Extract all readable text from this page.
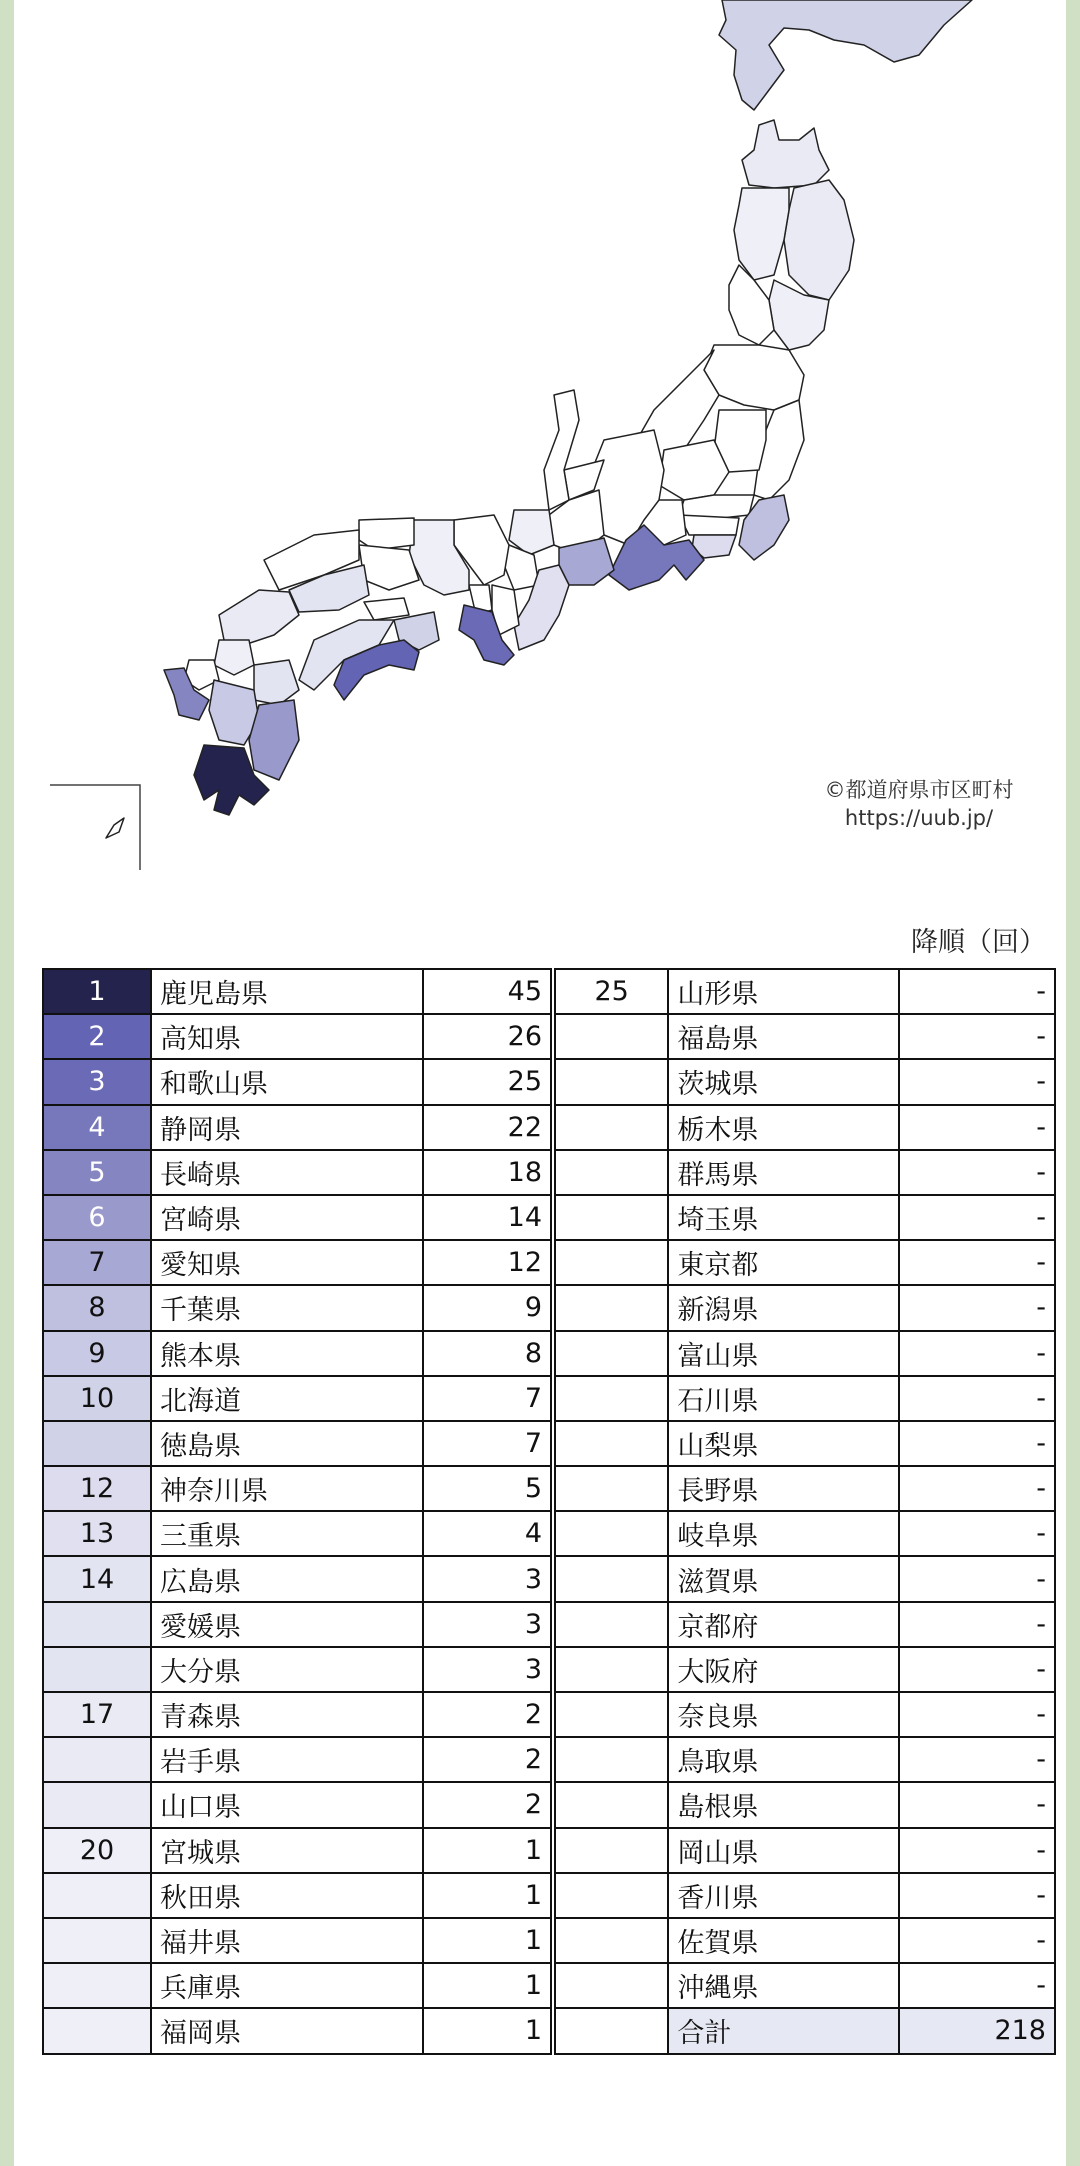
©都道府県市区町村
https://uub.jp/
降順（回）
1	鹿児島県	45
2	高知県	26
3	和歌山県	25
4	静岡県	22
5	長崎県	18
6	宮崎県	14
7	愛知県	12
8	千葉県	9
9	熊本県	8
10	北海道	7
	徳島県	7
12	神奈川県	5
13	三重県	4
14	広島県	3
	愛媛県	3
	大分県	3
17	青森県	2
	岩手県	2
	山口県	2
20	宮城県	1
	秋田県	1
	福井県	1
	兵庫県	1
	福岡県	1
25	山形県	-
	福島県	-
	茨城県	-
	栃木県	-
	群馬県	-
	埼玉県	-
	東京都	-
	新潟県	-
	富山県	-
	石川県	-
	山梨県	-
	長野県	-
	岐阜県	-
	滋賀県	-
	京都府	-
	大阪府	-
	奈良県	-
	鳥取県	-
	島根県	-
	岡山県	-
	香川県	-
	佐賀県	-
	沖縄県	-
	合計	218
